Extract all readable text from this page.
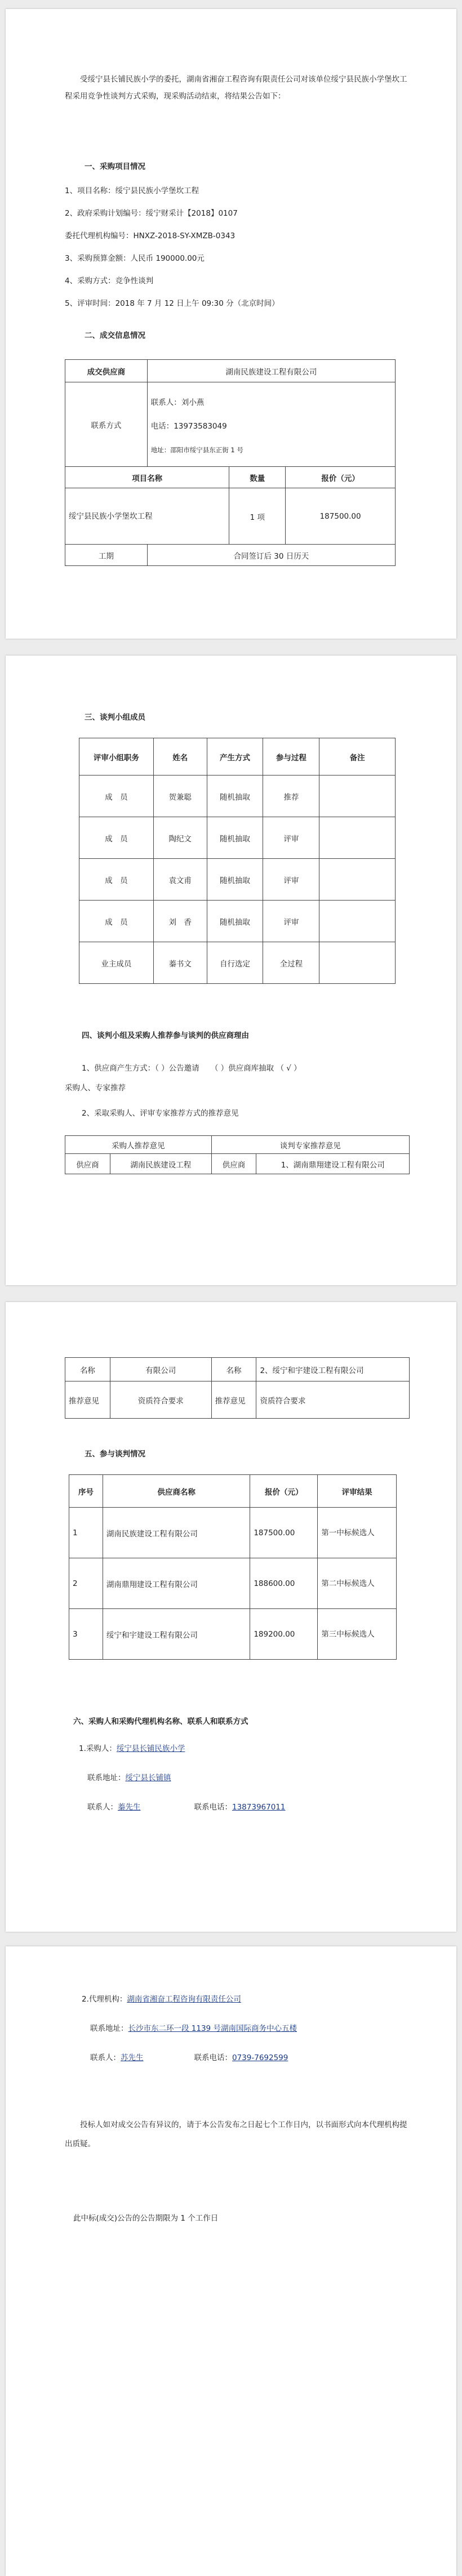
受绥宁县长铺民族小学的委托，湖南省湘奋工程咨询有限责任公司对该单位绥宁县民族小学堡坎工程采用竞争性谈判方式采购，现采购活动结束，将结果公告如下：
一、采购项目情况
1、项目名称：绥宁县民族小学堡坎工程
2、政府采购计划编号：绥宁财采计【2018】0107
委托代理机构编号：HNXZ-2018-SY-XMZB-0343
3、采购预算金额：人民币 190000.00元
4、采购方式：竞争性谈判
5、评审时间：2018 年 7 月 12 日上午 09:30 分（北京时间）
二、成交信息情况
成交供应商	湖南民族建设工程有限公司		
联系方式	联系人：刘小燕
电话：13973583049
地址：邵阳市绥宁县东正街 1 号		

项目名称		数量	报价（元）
绥宁县民族小学堡坎工程		1 项	187500.00
工期	合同签订后 30 日历天		
三、谈判小组成员
评审小组职务	姓名	产生方式	参与过程	备注
成　员	贺兼聪	随机抽取	推荐	
成　员	陶纪文	随机抽取	评审	
成　员	袁文甫	随机抽取	评审	
成　员	刘　香	随机抽取	评审	
业主成员	蓁书文	自行选定	全过程	
四、谈判小组及采购人推荐参与谈判的供应商理由
1、供应商产生方式：（ ）公告邀请　　（ ）供应商库抽取 （ √ ）
采购人、专家推荐
2、采取采购人、评审专家推荐方式的推荐意见
采购人推荐意见		谈判专家推荐意见	
供应商	湖南民族建设工程	供应商	1、湖南鼎翔建设工程有限公司
名称	有限公司	名称	2、绥宁和宇建设工程有限公司
推荐意见	资质符合要求	推荐意见	资质符合要求
五、参与谈判情况
序号	供应商名称	报价（元）	评审结果
1	湖南民族建设工程有限公司	187500.00	第一中标候选人
2	湖南鼎翔建设工程有限公司	188600.00	第二中标候选人
3	绥宁和宇建设工程有限公司	189200.00	第三中标候选人
六、采购人和采购代理机构名称、联系人和联系方式
1.采购人：绥宁县长铺民族小学
联系地址：绥宁县长铺镇
联系人：蓁先生	联系电话：13873967011
2.代理机构：湖南省湘奋工程咨询有限责任公司
联系地址：长沙市东二环一段 1139 号湖南国际商务中心五楼
联系人：苏先生	联系电话：0739-7692599
投标人如对成交公告有异议的，请于本公告发布之日起七个工作日内，以书面形式向本代理机构提出质疑。
此中标(成交)公告的公告期限为 1 个工作日
